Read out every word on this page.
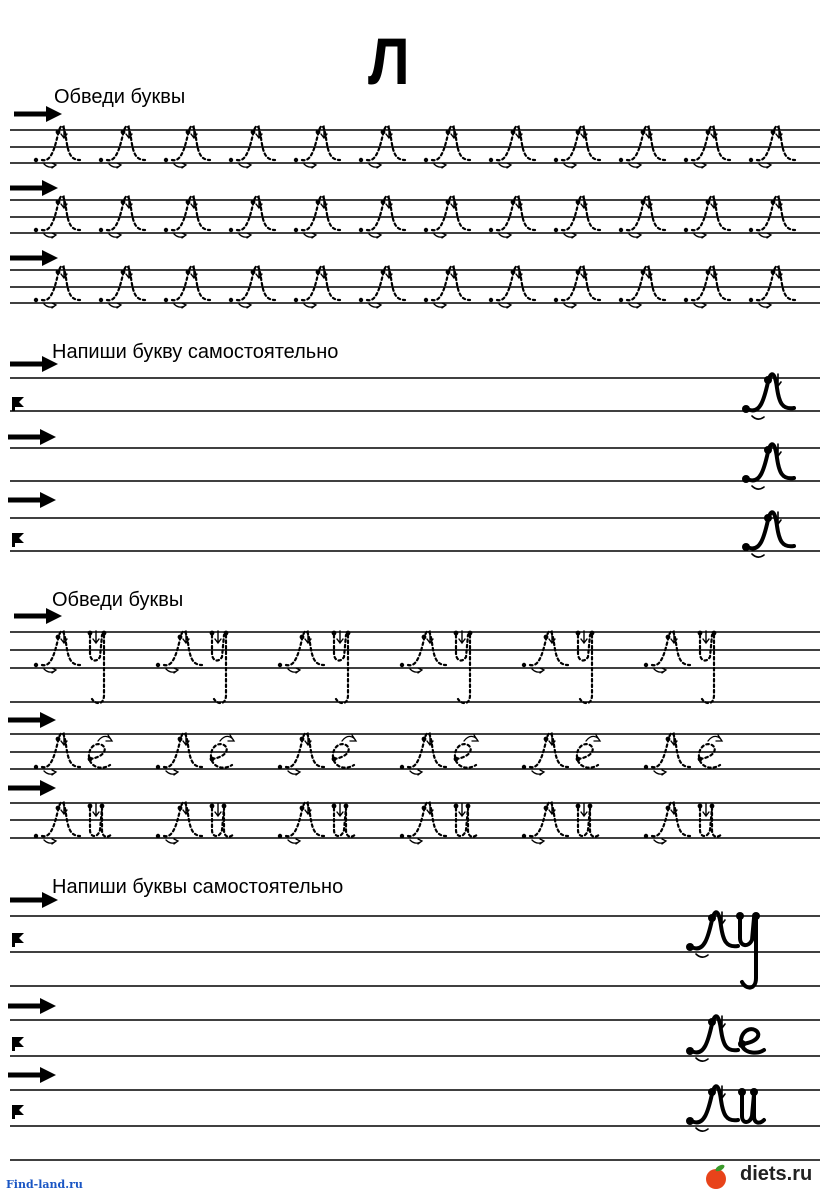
Л
Обведи буквы
Напиши букву самостоятельно
Обведи буквы
Напиши буквы самостоятельно
Find-land.ru	diets.ru
